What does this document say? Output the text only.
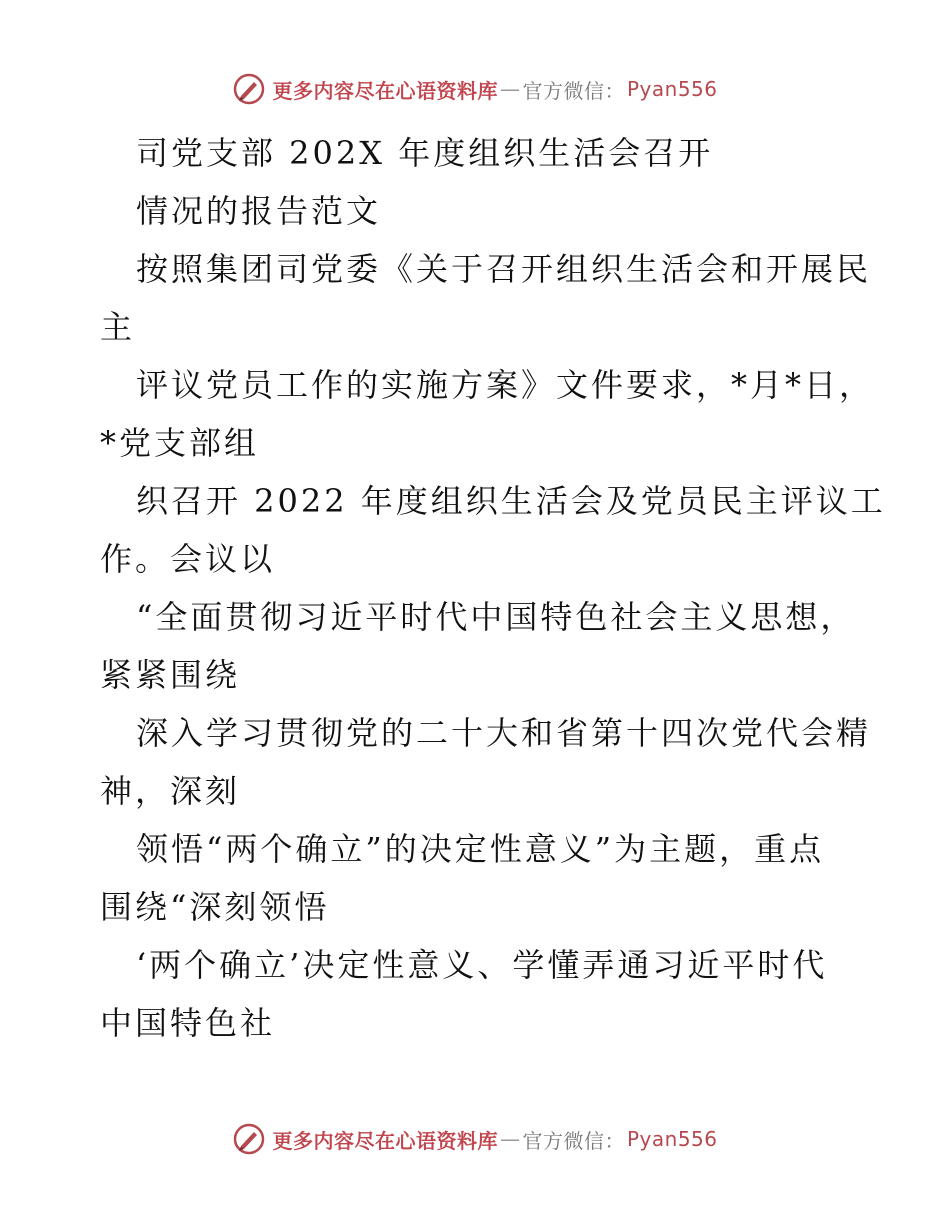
更多内容尽在心语资料库 — 官方微信： Pyan556
司党支部 202X 年度组织生活会召开
情况的报告范文
按照集团司党委《关于召开组织生活会和开展民
主
评议党员工作的实施方案》文件要求，*月*日，
*党支部组
织召开 2022 年度组织生活会及党员民主评议工
作。会议以
“全面贯彻习近平时代中国特色社会主义思想，
紧紧围绕
深入学习贯彻党的二十大和省第十四次党代会精
神，深刻
领悟“两个确立”的决定性意义”为主题，重点
围绕“深刻领悟
‘两个确立’决定性意义、学懂弄通习近平时代
中国特色社
更多内容尽在心语资料库 — 官方微信： Pyan556
